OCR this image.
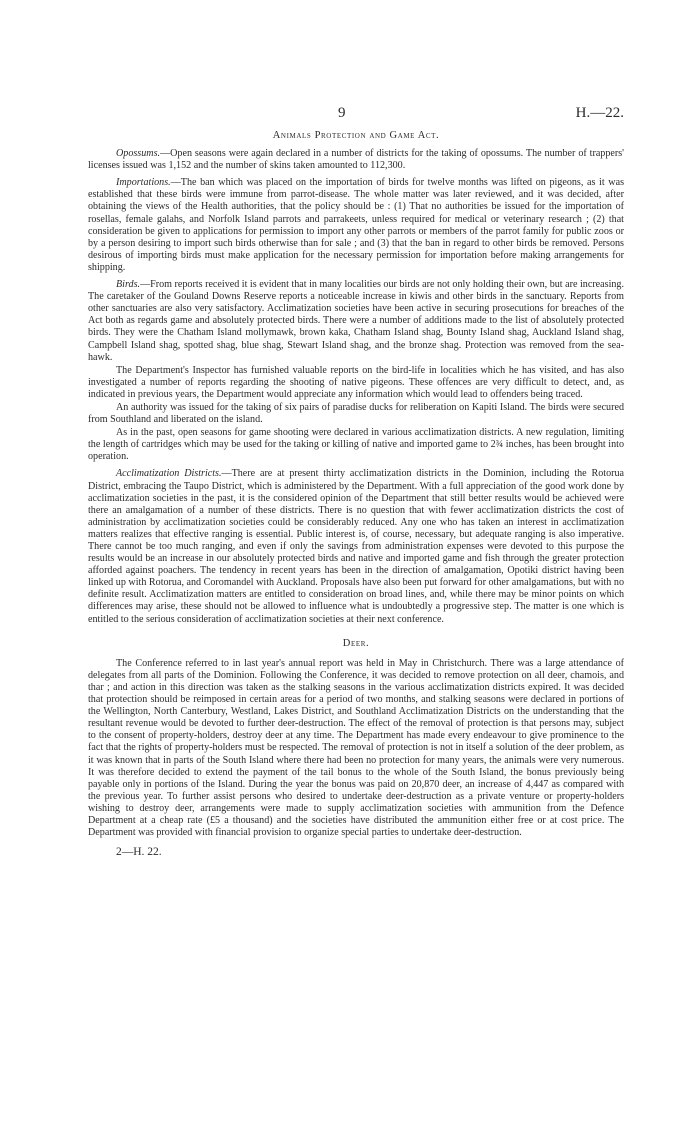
9	H.—22.
Animals Protection and Game Act.

Opossums.—Open seasons were again declared in a number of districts for the taking of opossums. The number of trappers' licenses issued was 1,152 and the number of skins taken amounted to 112,300.

Importations.—The ban which was placed on the importation of birds for twelve months was lifted on pigeons, as it was established that these birds were immune from parrot-disease. The whole matter was later reviewed, and it was decided, after obtaining the views of the Health authorities, that the policy should be : (1) That no authorities be issued for the importation of rosellas, female galahs, and Norfolk Island parrots and parrakeets, unless required for medical or veterinary research ; (2) that consideration be given to applications for permission to import any other parrots or members of the parrot family for public zoos or by a person desiring to import such birds otherwise than for sale ; and (3) that the ban in regard to other birds be removed. Persons desirous of importing birds must make application for the necessary permission for importation before making arrangements for shipping.

Birds.—From reports received it is evident that in many localities our birds are not only holding their own, but are increasing. The caretaker of the Gouland Downs Reserve reports a noticeable increase in kiwis and other birds in the sanctuary. Reports from other sanctuaries are also very satisfactory. Acclimatization societies have been active in securing prosecutions for breaches of the Act both as regards game and absolutely protected birds. There were a number of additions made to the list of absolutely protected birds. They were the Chatham Island mollymawk, brown kaka, Chatham Island shag, Bounty Island shag, Auckland Island shag, Campbell Island shag, spotted shag, blue shag, Stewart Island shag, and the bronze shag. Protection was removed from the sea-hawk.

The Department's Inspector has furnished valuable reports on the bird-life in localities which he has visited, and has also investigated a number of reports regarding the shooting of native pigeons. These offences are very difficult to detect, and, as indicated in previous years, the Department would appreciate any information which would lead to offenders being traced.

An authority was issued for the taking of six pairs of paradise ducks for reliberation on Kapiti Island. The birds were secured from Southland and liberated on the island.

As in the past, open seasons for game shooting were declared in various acclimatization districts. A new regulation, limiting the length of cartridges which may be used for the taking or killing of native and imported game to 2¾ inches, has been brought into operation.

Acclimatization Districts.—There are at present thirty acclimatization districts in the Dominion, including the Rotorua District, embracing the Taupo District, which is administered by the Department. With a full appreciation of the good work done by acclimatization societies in the past, it is the considered opinion of the Department that still better results would be achieved were there an amalgamation of a number of these districts. There is no question that with fewer acclimatization districts the cost of administration by acclimatization societies could be considerably reduced. Any one who has taken an interest in acclimatization matters realizes that effective ranging is essential. Public interest is, of course, necessary, but adequate ranging is also imperative. There cannot be too much ranging, and even if only the savings from administration expenses were devoted to this purpose the results would be an increase in our absolutely protected birds and native and imported game and fish through the greater protection afforded against poachers. The tendency in recent years has been in the direction of amalgamation, Opotiki district having been linked up with Rotorua, and Coromandel with Auckland. Proposals have also been put forward for other amalgamations, but with no definite result. Acclimatization matters are entitled to consideration on broad lines, and, while there may be minor points on which differences may arise, these should not be allowed to influence what is undoubtedly a progressive step. The matter is one which is entitled to the serious consideration of acclimatization societies at their next conference.

Deer.

The Conference referred to in last year's annual report was held in May in Christchurch. There was a large attendance of delegates from all parts of the Dominion. Following the Conference, it was decided to remove protection on all deer, chamois, and thar ; and action in this direction was taken as the stalking seasons in the various acclimatization districts expired. It was decided that protection should be reimposed in certain areas for a period of two months, and stalking seasons were declared in portions of the Wellington, North Canterbury, Westland, Lakes District, and Southland Acclimatization Districts on the understanding that the resultant revenue would be devoted to further deer-destruction. The effect of the removal of protection is that persons may, subject to the consent of property-holders, destroy deer at any time. The Department has made every endeavour to give prominence to the fact that the rights of property-holders must be respected. The removal of protection is not in itself a solution of the deer problem, as it was known that in parts of the South Island where there had been no protection for many years, the animals were very numerous. It was therefore decided to extend the payment of the tail bonus to the whole of the South Island, the bonus previously being payable only in portions of the Island. During the year the bonus was paid on 20,870 deer, an increase of 4,447 as compared with the previous year. To further assist persons who desired to undertake deer-destruction as a private venture or property-holders wishing to destroy deer, arrangements were made to supply acclimatization societies with ammunition from the Defence Department at a cheap rate (£5 a thousand) and the societies have distributed the ammunition either free or at cost price. The Department was provided with financial provision to organize special parties to undertake deer-destruction.

2—H. 22.
